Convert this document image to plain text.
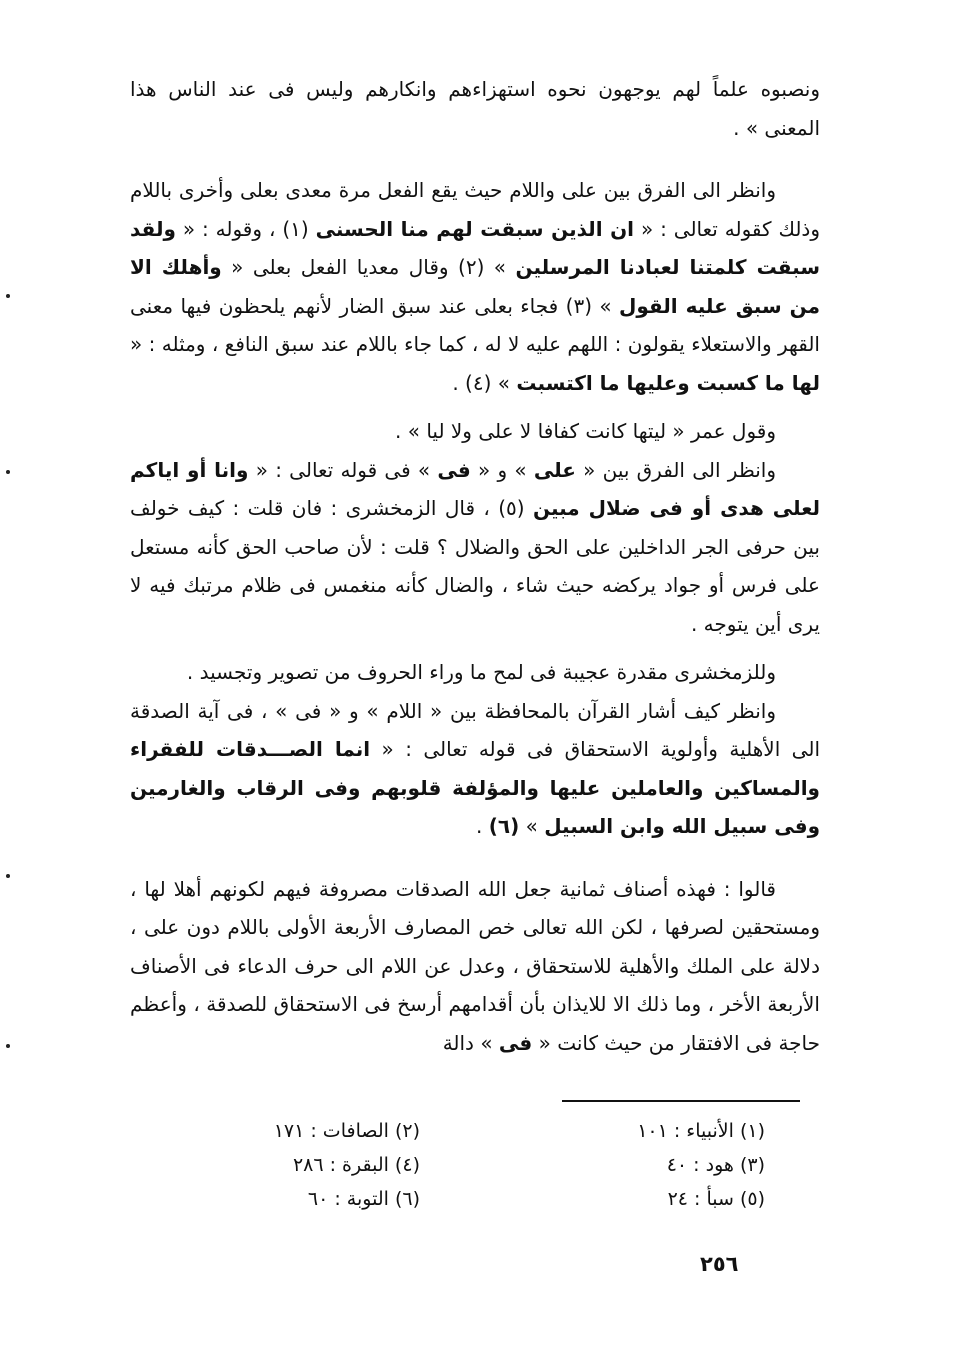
ونصبوه علماً لهم يوجهون نحوه استهزاءهم وانكارهم وليس فى عند الناس هذا المعنى » .

وانظر الى الفرق بين على واللام حيث يقع الفعل مرة معدى بعلى وأخرى باللام وذلك كقوله تعالى : « ان الذين سبقت لهم منا الحسنى (١) ، وقوله : « ولقد سبقت كلمتنا لعبادنا المرسلين » (٢) وقال معديا الفعل بعلى « وأهلك الا من سبق عليه القول » (٣) فجاء بعلى عند سبق الضار لأنهم يلحظون فيها معنى القهر والاستعلاء يقولون : اللهم عليه لا له ، كما جاء باللام عند سبق النافع ، ومثله : « لها ما كسبت وعليها ما اكتسبت » (٤) .

وقول عمر « ليتها كانت كفافا لا على ولا ليا » .

وانظر الى الفرق بين « على » و « فى » فى قوله تعالى : « وانا أو اياكم لعلى هدى أو فى ضلال مبين (٥) ، قال الزمخشرى : فان قلت : كيف خولف بين حرفى الجر الداخلين على الحق والضلال ؟ قلت : لأن صاحب الحق كأنه مستعل على فرس أو جواد يركضه حيث شاء ، والضال كأنه منغمس فى ظلام مرتبك فيه لا يرى أين يتوجه .

وللزمخشرى مقدرة عجيبة فى لمح ما وراء الحروف من تصوير وتجسيد .

وانظر كيف أشار القرآن بالمحافظة بين « اللام » و « فى » ، فى آية الصدقة الى الأهلية وأولوية الاستحقاق فى قوله تعالى : « انما الصـــدقات للفقراء والمساكين والعاملين عليها والمؤلفة قلوبهم وفى الرقاب والغارمين وفى سبيل الله وابن السبيل » (٦) .

قالوا : فهذه أصناف ثمانية جعل الله الصدقات مصروفة فيهم لكونهم أهلا لها ، ومستحقين لصرفها ، لكن الله تعالى خص المصارف الأربعة الأولى باللام دون على ، دلالة على الملك والأهلية للاستحقاق ، وعدل عن اللام الى حرف الدعاء فى الأصناف الأربعة الأخر ، وما ذلك الا للايذان بأن أقدامهم أرسخ فى الاستحقاق للصدقة ، وأعظم حاجة فى الافتقار من حيث كانت « فى » دالة

(١) الأنبياء : ١٠١
(٣) هود : ٤٠
(٥) سبأ : ٢٤
(٢) الصافات : ١٧١
(٤) البقرة : ٢٨٦
(٦) التوبة : ٦٠
٢٥٦
